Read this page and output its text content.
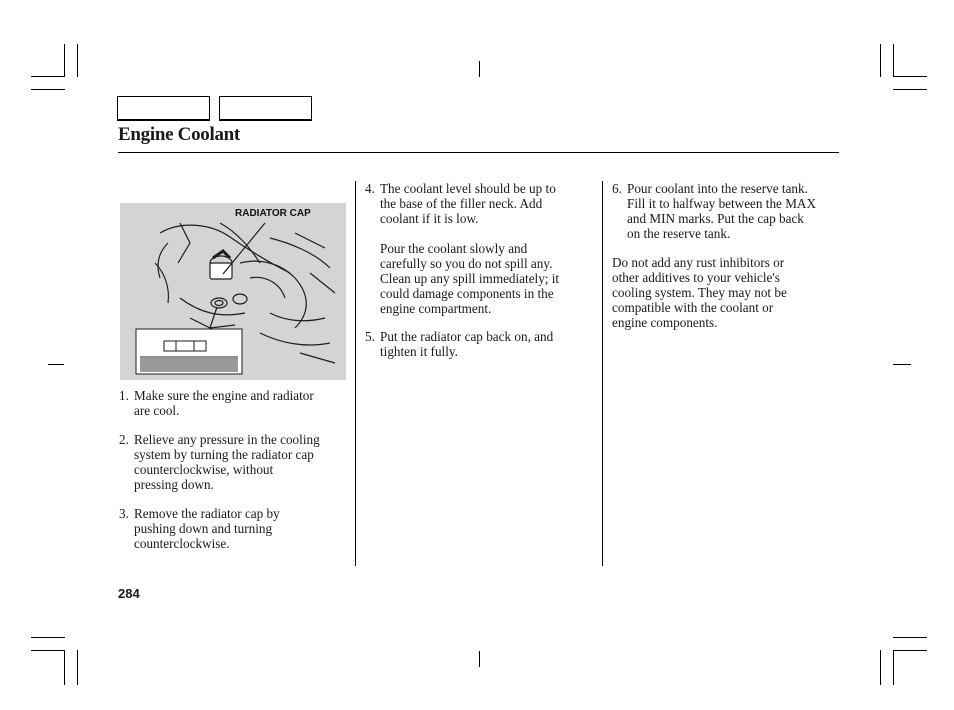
Engine Coolant
RADIATOR CAP
1. Make sure the engine and radiator
are cool.
2. Relieve any pressure in the cooling
system by turning the radiator cap
counterclockwise, without
pressing down.
3. Remove the radiator cap by
pushing down and turning
counterclockwise.
4. The coolant level should be up to
the base of the filler neck. Add
coolant if it is low.
Pour the coolant slowly and
carefully so you do not spill any.
Clean up any spill immediately; it
could damage components in the
engine compartment.
5. Put the radiator cap back on, and
tighten it fully.
6. Pour coolant into the reserve tank.
Fill it to halfway between the MAX
and MIN marks. Put the cap back
on the reserve tank.
Do not add any rust inhibitors or
other additives to your vehicle's
cooling system. They may not be
compatible with the coolant or
engine components.
284
